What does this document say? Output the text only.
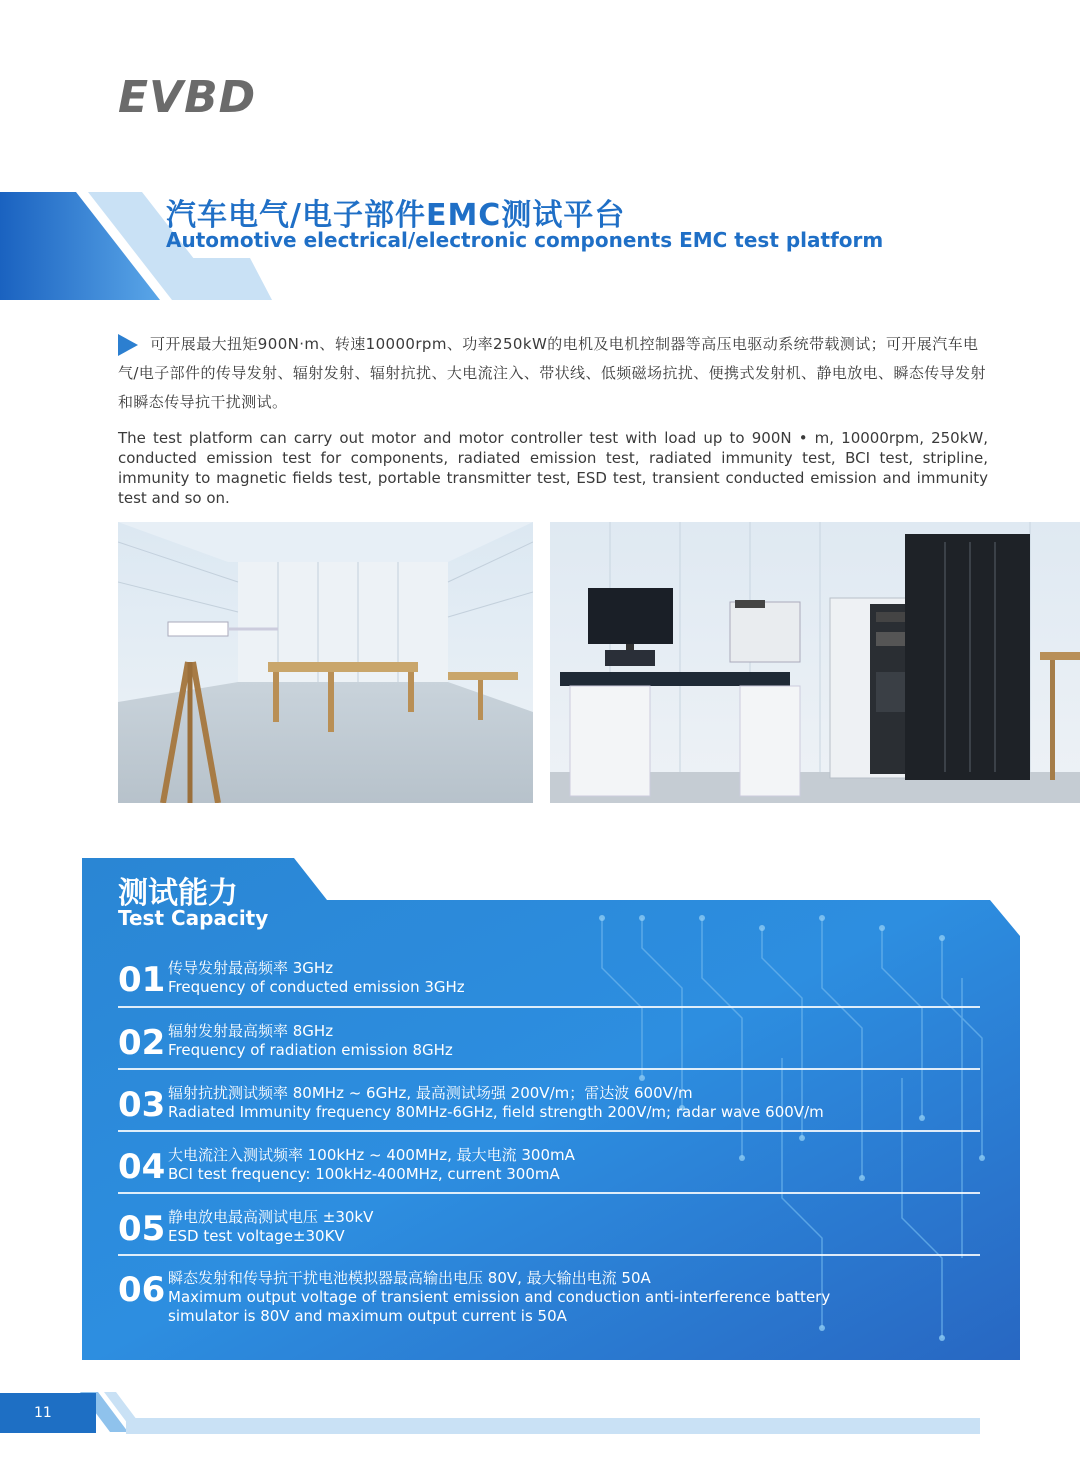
EVBD
汽车电气/电子部件EMC测试平台
Automotive electrical/electronic components EMC test platform
可开展最大扭矩900N·m、转速10000rpm、功率250kW的电机及电机控制器等高压电驱动系统带载测试；可开展汽车电气/电子部件的传导发射、辐射发射、辐射抗扰、大电流注入、带状线、低频磁场抗扰、便携式发射机、静电放电、瞬态传导发射和瞬态传导抗干扰测试。
The test platform can carry out motor and motor controller test with load up to 900N • m, 10000rpm, 250kW, conducted emission test for components, radiated emission test, radiated immunity test, BCI test, stripline, immunity to magnetic fields test, portable transmitter test, ESD test, transient conducted emission and immunity test and so on.
测试能力
Test Capacity
01 传导发射最高频率 3GHz
Frequency of conducted emission 3GHz
02 辐射发射最高频率 8GHz
Frequency of radiation emission 8GHz
03 辐射抗扰测试频率 80MHz ~ 6GHz, 最高测试场强 200V/m；雷达波 600V/m
Radiated Immunity frequency 80MHz-6GHz, field strength 200V/m; radar wave 600V/m
04 大电流注入测试频率 100kHz ~ 400MHz, 最大电流 300mA
BCI test frequency: 100kHz-400MHz, current 300mA
05 静电放电最高测试电压 ±30kV
ESD test voltage±30KV
06 瞬态发射和传导抗干扰电池模拟器最高输出电压 80V, 最大输出电流 50A
Maximum output voltage of transient emission and conduction anti-interference battery simulator is 80V and maximum output current is 50A
11
